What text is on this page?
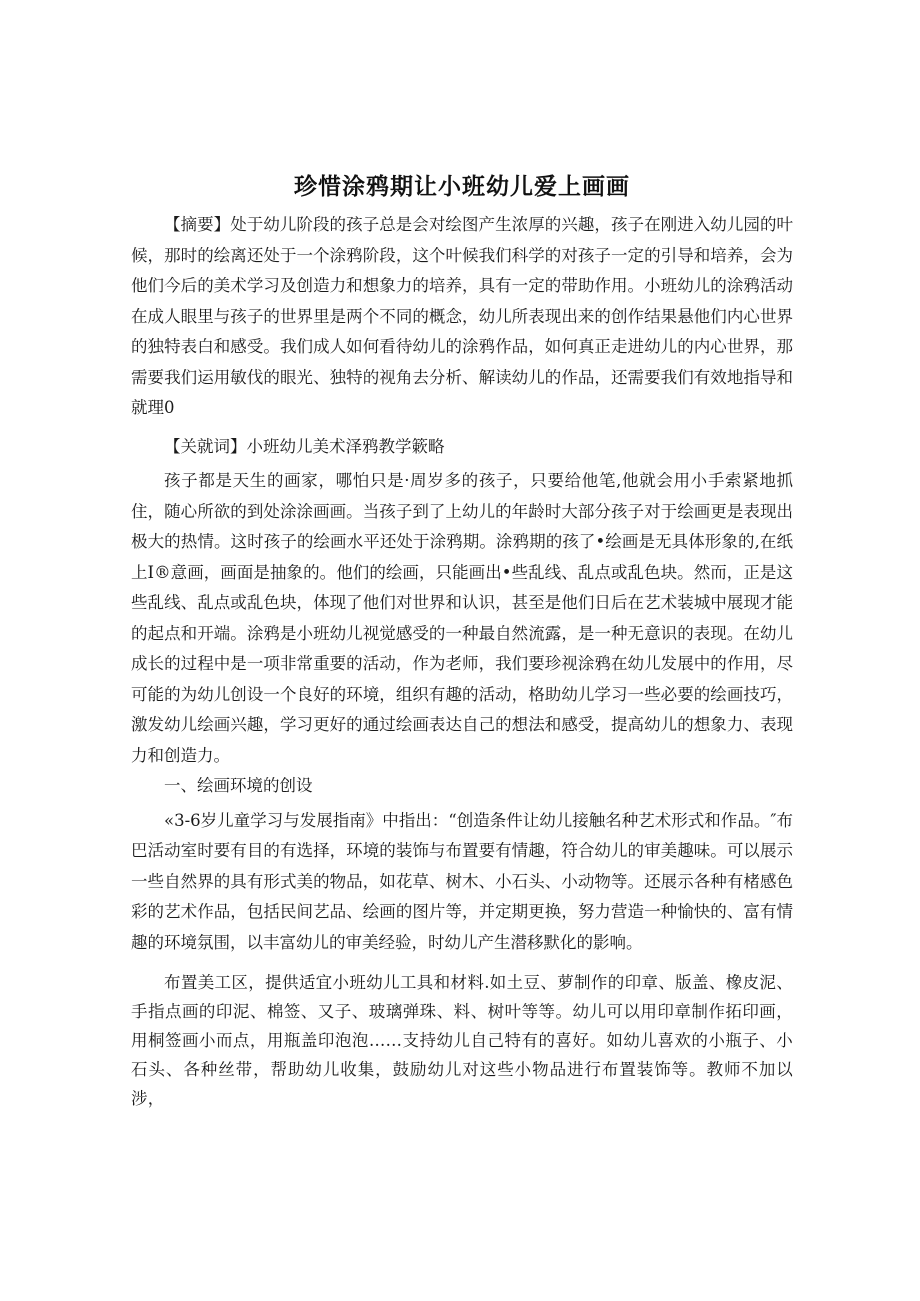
珍惜涂鸦期让小班幼儿爱上画画

【摘要】处于幼儿阶段的孩子总是会对绘图产生浓厚的兴趣，孩子在刚进入幼儿园的叶候，那时的绘离还处于一个涂鸦阶段，这个叶候我们科学的对孩子一定的引导和培养，会为他们今后的美术学习及创造力和想象力的培养，具有一定的带助作用。小班幼儿的涂鸦活动在成人眼里与孩子的世界里是两个不同的概念，幼儿所表现出来的创作结果悬他们内心世界的独特表白和感受。我们成人如何看待幼儿的涂鸦作品，如何真正走进幼儿的内心世界，那需要我们运用敏伐的眼光、独特的视角去分析、解读幼儿的作品，还需要我们有效地指导和就理0

【关就词】小班幼儿美术泽鸦教学簌略

孩子都是天生的画家，哪怕只是·周岁多的孩子，只要给他笔,他就会用小手索紧地抓住，随心所欲的到处涂涂画画。当孩子到了上幼儿的年龄时大部分孩子对于绘画更是表现出极大的热情。这时孩子的绘画水平还处于涂鸦期。涂鸦期的孩了•绘画是无具体形象的,在纸上I®意画，画面是抽象的。他们的绘画，只能画出•些乱线、乱点或乱色块。然而，正是这些乱线、乱点或乱色块，体现了他们对世界和认识，甚至是他们日后在艺术装城中展现才能的起点和开端。涂鸦是小班幼儿视觉感受的一种最自然流露，是一种无意识的表现。在幼儿成长的过程中是一项非常重要的活动，作为老师，我们要珍视涂鸦在幼儿发展中的作用，尽可能的为幼儿创设一个良好的环境，组织有趣的活动，格助幼儿学习一些必要的绘画技巧，激发幼儿绘画兴趣，学习更好的通过绘画表达自己的想法和感受，提高幼儿的想象力、表现力和创造力。

一、绘画环境的创设

«3-6岁儿童学习与发展指南》中指出：“创造条件让幼儿接触名种艺术形式和作品。″布巴活动室时要有目的有选择，环境的装饰与布置要有情趣，符合幼儿的审美趣味。可以展示一些自然界的具有形式美的物品，如花草、树木、小石头、小动物等。还展示各种有楮感色彩的艺术作品，包括民间艺品、绘画的图片等，并定期更换，努力营造一种愉快的、富有情趣的环境氛围，以丰富幼儿的审美经验，时幼儿产生潜移默化的影响。

布置美工区，提供适宜小班幼儿工具和材料.如土豆、萝制作的印章、版盖、橡皮泥、手指点画的印泥、棉签、又子、玻璃弹珠、料、树叶等等。幼儿可以用印章制作拓印画，用桐签画小而点，用瓶盖印泡泡……支持幼儿自己特有的喜好。如幼儿喜欢的小瓶子、小石头、各种丝带，帮助幼儿收集，鼓励幼儿对这些小物品进行布置装饰等。教师不加以涉，
